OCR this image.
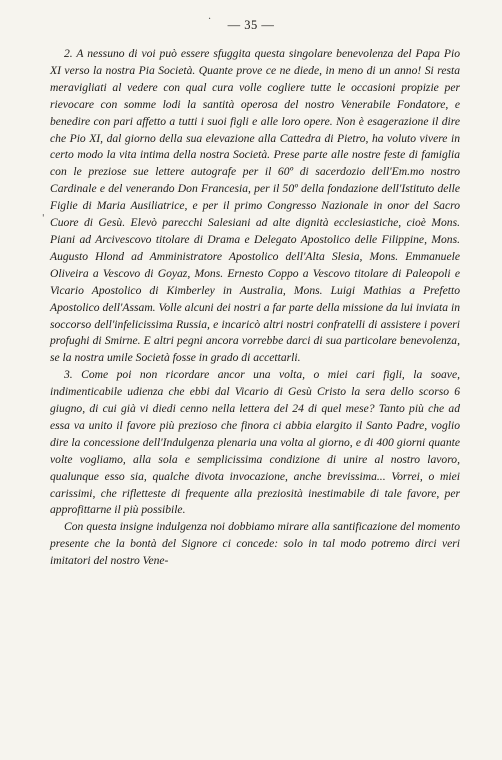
·	— 35 —
'

2. A nessuno di voi può essere sfuggita questa singolare benevolenza del Papa Pio XI verso la nostra Pia Società. Quante prove ce ne diede, in meno di un anno! Si resta meravigliati al vedere con qual cura volle cogliere tutte le occasioni propizie per rievocare con somme lodi la santità operosa del nostro Venerabile Fondatore, e benedire con pari affetto a tutti i suoi figli e alle loro opere. Non è esagerazione il dire che Pio XI, dal giorno della sua elevazione alla Cattedra di Pietro, ha voluto vivere in certo modo la vita intima della nostra Società. Prese parte alle nostre feste di famiglia con le preziose sue lettere autografe per il 60º di sacerdozio dell'Em.mo nostro Cardinale e del venerando Don Francesia, per il 50º della fondazione dell'Istituto delle Figlie di Maria Ausiliatrice, e per il primo Congresso Nazionale in onor del Sacro Cuore di Gesù. Elevò parecchi Salesiani ad alte dignità ecclesiastiche, cioè Mons. Piani ad Arcivescovo titolare di Drama e Delegato Apostolico delle Filippine, Mons. Augusto Hlond ad Amministratore Apostolico dell'Alta Slesia, Mons. Emmanuele Oliveira a Vescovo di Goyaz, Mons. Ernesto Coppo a Vescovo titolare di Paleopoli e Vicario Apostolico di Kimberley in Australia, Mons. Luigi Mathias a Prefetto Apostolico dell'Assam. Volle alcuni dei nostri a far parte della missione da lui inviata in soccorso dell'infelicissima Russia, e incaricò altri nostri confratelli di assistere i poveri profughi di Smirne. E altri pegni ancora vorrebbe darci di sua particolare benevolenza, se la nostra umile Società fosse in grado di accettarli.

3. Come poi non ricordare ancor una volta, o miei cari figli, la soave, indimenticabile udienza che ebbi dal Vicario di Gesù Cristo la sera dello scorso 6 giugno, di cui già vi diedi cenno nella lettera del 24 di quel mese? Tanto più che ad essa va unito il favore più prezioso che finora ci abbia elargito il Santo Padre, voglio dire la concessione dell'Indulgenza plenaria una volta al giorno, e di 400 giorni quante volte vogliamo, alla sola e semplicissima condizione di unire al nostro lavoro, qualunque esso sia, qualche divota invocazione, anche brevissima... Vorrei, o miei carissimi, che rifletteste di frequente alla preziosità inestimabile di tale favore, per approfittarne il più possibile.

Con questa insigne indulgenza noi dobbiamo mirare alla santificazione del momento presente che la bontà del Signore ci concede: solo in tal modo potremo dirci veri imitatori del nostro Vene-
